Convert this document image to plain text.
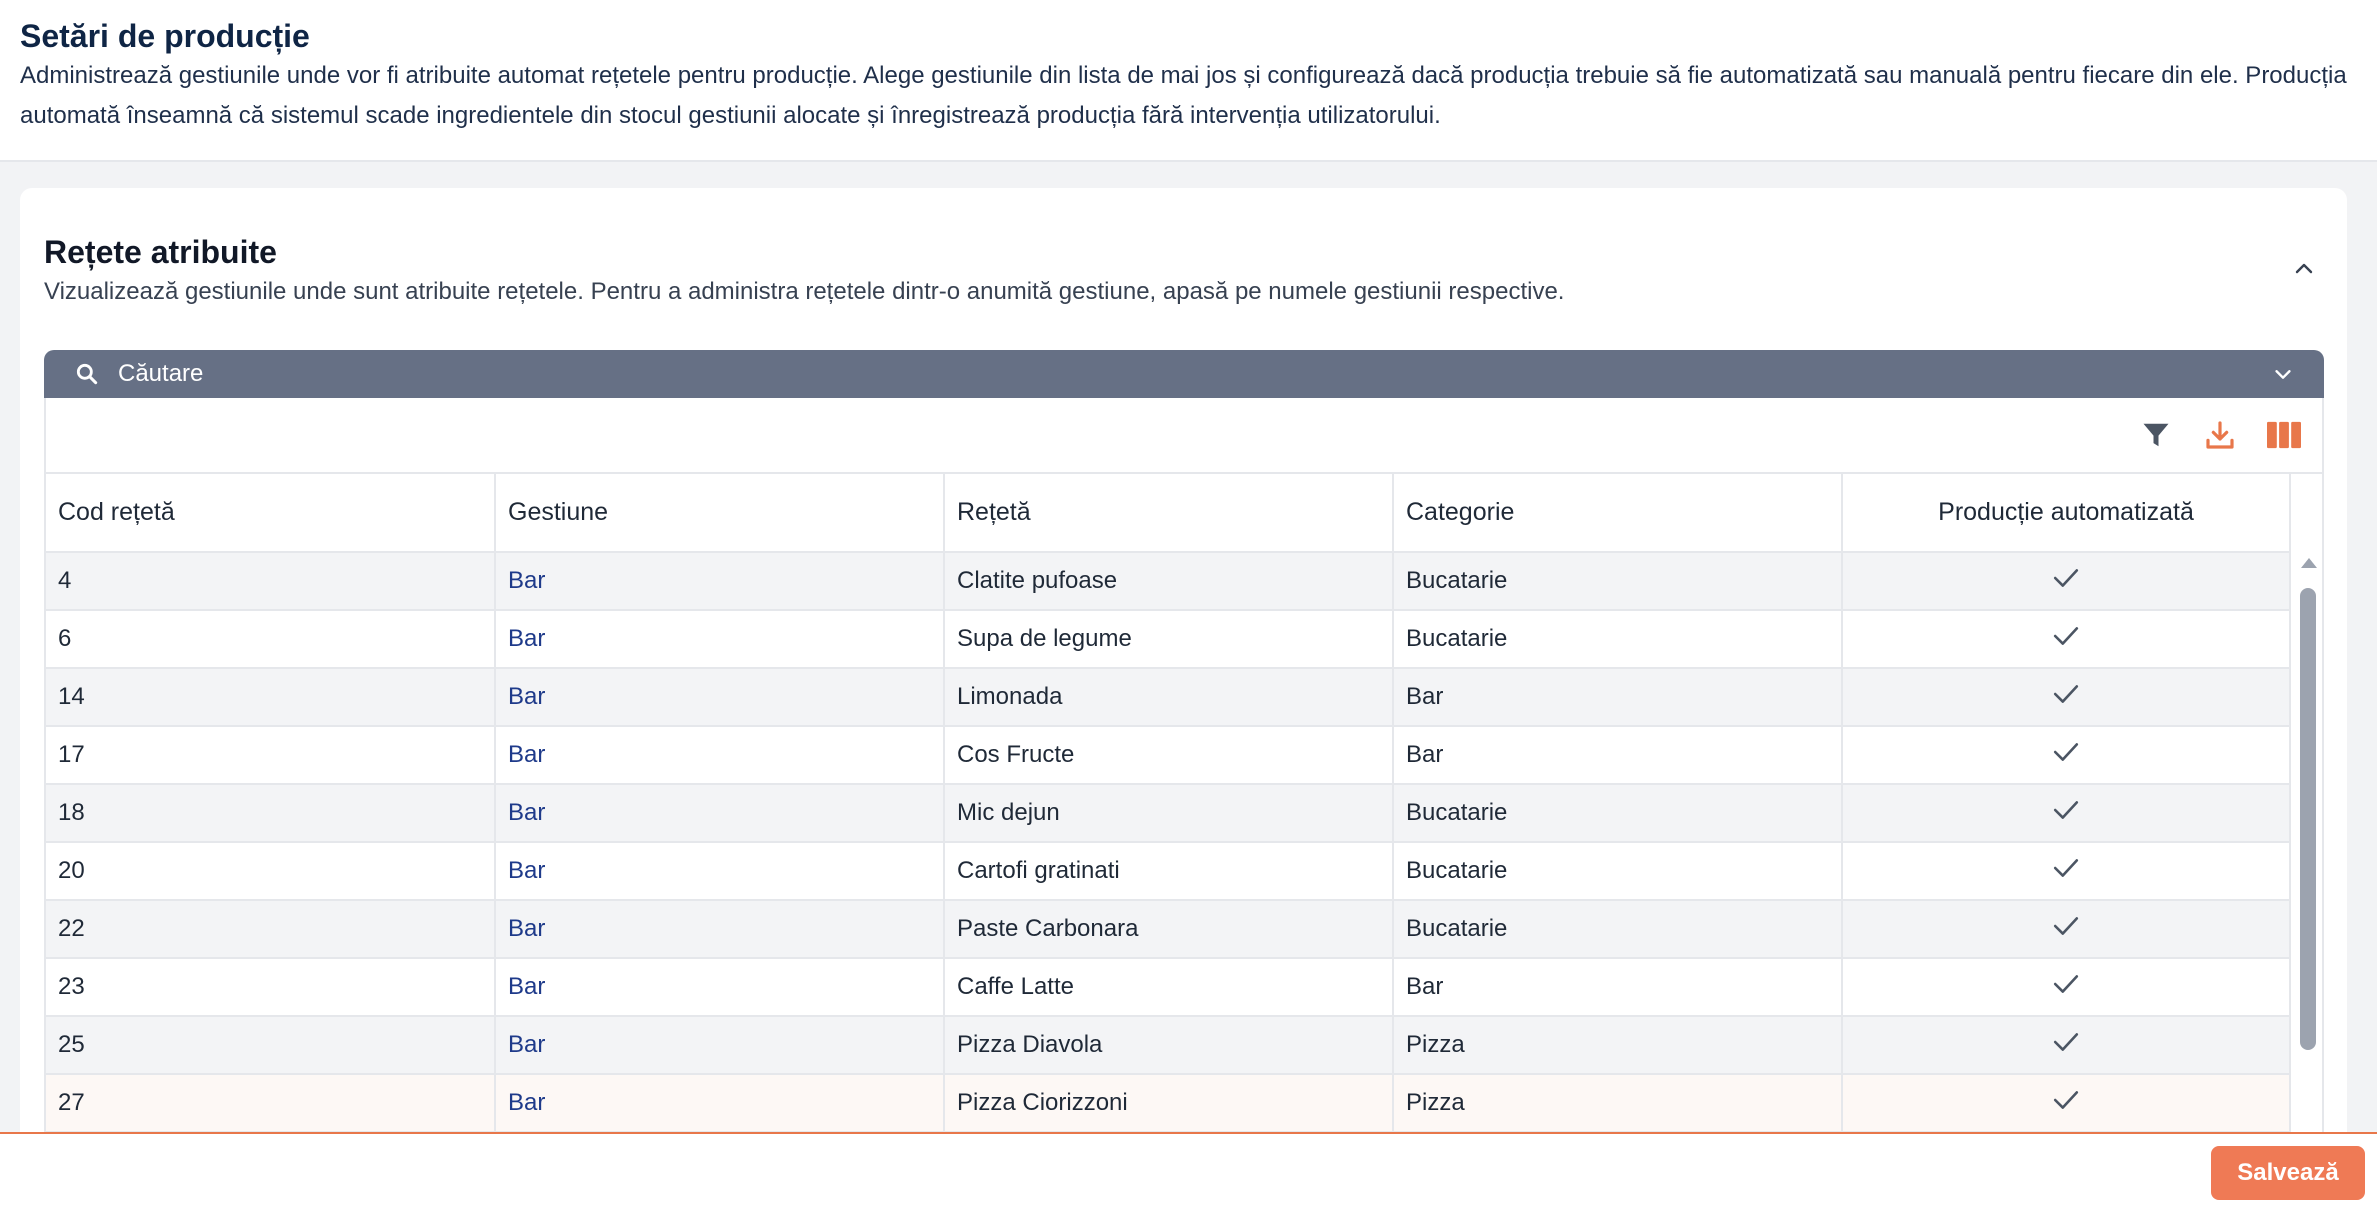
Setări de producție

Administrează gestiunile unde vor fi atribuite automat rețetele pentru producție. Alege gestiunile din lista de mai jos și configurează dacă producția trebuie să fie automatizată sau manuală pentru fiecare din ele. Producția automată înseamnă că sistemul scade ingredientele din stocul gestiunii alocate și înregistrează producția fără intervenția utilizatorului.

Rețete atribuite

Vizualizează gestiunile unde sunt atribuite rețetele. Pentru a administra rețetele dintr-o anumită gestiune, apasă pe numele gestiunii respective.

Căutare
Cod rețetă	Gestiune	Rețetă	Categorie	Producție automatizată
4	Bar	Clatite pufoase	Bucatarie	
6	Bar	Supa de legume	Bucatarie	
14	Bar	Limonada	Bar	
17	Bar	Cos Fructe	Bar	
18	Bar	Mic dejun	Bucatarie	
20	Bar	Cartofi gratinati	Bucatarie	
22	Bar	Paste Carbonara	Bucatarie	
23	Bar	Caffe Latte	Bar	
25	Bar	Pizza Diavola	Pizza	
27	Bar	Pizza Ciorizzoni	Pizza	
Salvează
